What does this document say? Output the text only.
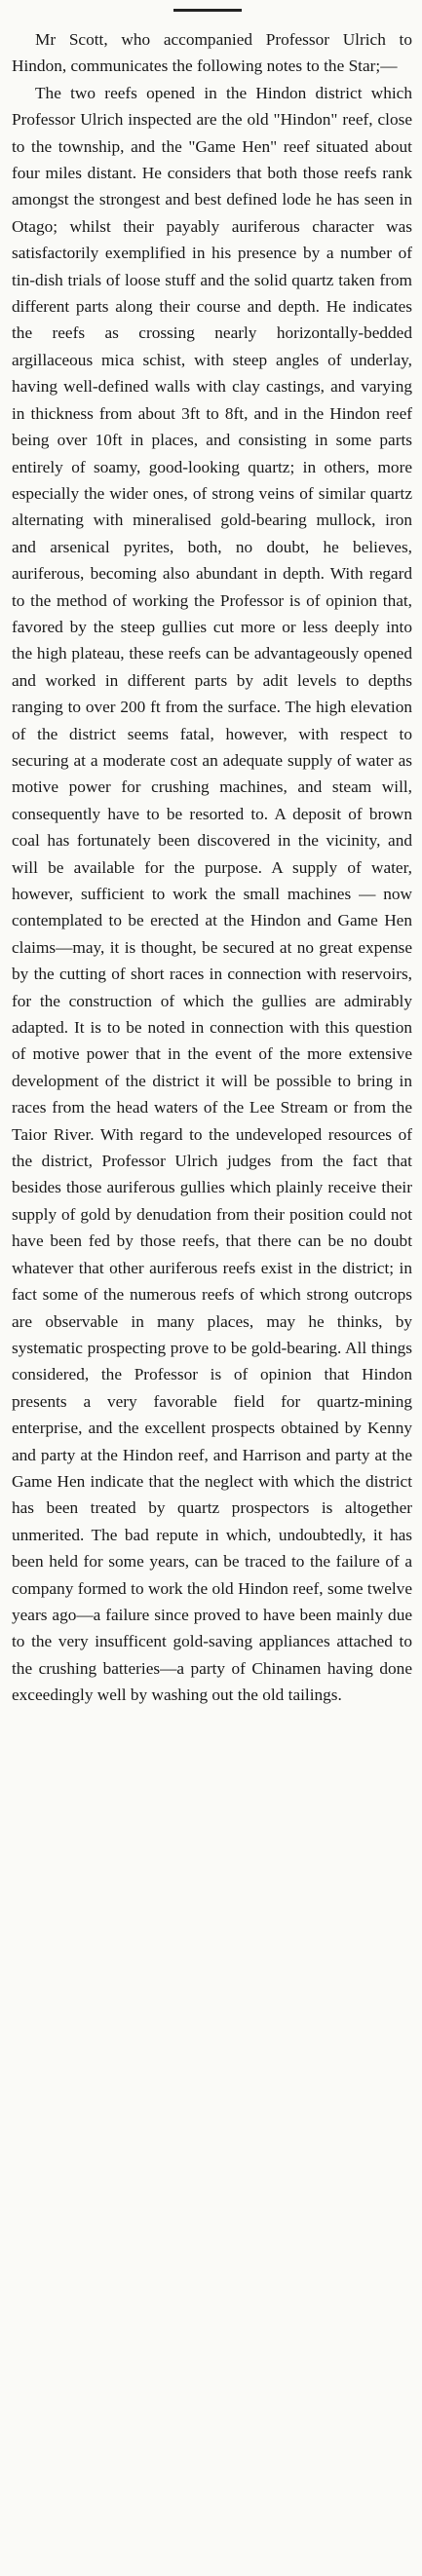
Mr Scott, who accompanied Professor Ulrich to Hindon, communicates the following notes to the Star;—

The two reefs opened in the Hindon district which Professor Ulrich inspected are the old "Hindon" reef, close to the township, and the "Game Hen" reef situated about four miles distant. He considers that both those reefs rank amongst the strongest and best defined lode he has seen in Otago; whilst their payably auriferous character was satisfactorily exemplified in his presence by a number of tin-dish trials of loose stuff and the solid quartz taken from different parts along their course and depth. He indicates the reefs as crossing nearly horizontally-bedded argillaceous mica schist, with steep angles of underlay, having well-defined walls with clay castings, and varying in thickness from about 3ft to 8ft, and in the Hindon reef being over 10ft in places, and consisting in some parts entirely of soamy, good-looking quartz; in others, more especially the wider ones, of strong veins of similar quartz alternating with mineralised gold-bearing mullock, iron and arsenical pyrites, both, no doubt, he believes, auriferous, becoming also abundant in depth. With regard to the method of working the Professor is of opinion that, favored by the steep gullies cut more or less deeply into the high plateau, these reefs can be advantageously opened and worked in different parts by adit levels to depths ranging to over 200 ft from the surface. The high elevation of the district seems fatal, however, with respect to securing at a moderate cost an adequate supply of water as motive power for crushing machines, and steam will, consequently have to be resorted to. A deposit of brown coal has fortunately been discovered in the vicinity, and will be available for the purpose. A supply of water, however, sufficient to work the small machines — now contemplated to be erected at the Hindon and Game Hen claims—may, it is thought, be secured at no great expense by the cutting of short races in connection with reservoirs, for the construction of which the gullies are admirably adapted. It is to be noted in connection with this question of motive power that in the event of the more extensive development of the district it will be possible to bring in races from the head waters of the Lee Stream or from the Taior River. With regard to the undeveloped resources of the district, Professor Ulrich judges from the fact that besides those auriferous gullies which plainly receive their supply of gold by denudation from their position could not have been fed by those reefs, that there can be no doubt whatever that other auriferous reefs exist in the district; in fact some of the numerous reefs of which strong outcrops are observable in many places, may he thinks, by systematic prospecting prove to be gold-bearing. All things considered, the Professor is of opinion that Hindon presents a very favorable field for quartz-mining enterprise, and the excellent prospects obtained by Kenny and party at the Hindon reef, and Harrison and party at the Game Hen indicate that the neglect with which the district has been treated by quartz prospectors is altogether unmerited. The bad repute in which, undoubtedly, it has been held for some years, can be traced to the failure of a company formed to work the old Hindon reef, some twelve years ago—a failure since proved to have been mainly due to the very insufficent gold-saving appliances attached to the crushing batteries—a party of Chinamen having done exceedingly well by washing out the old tailings.
